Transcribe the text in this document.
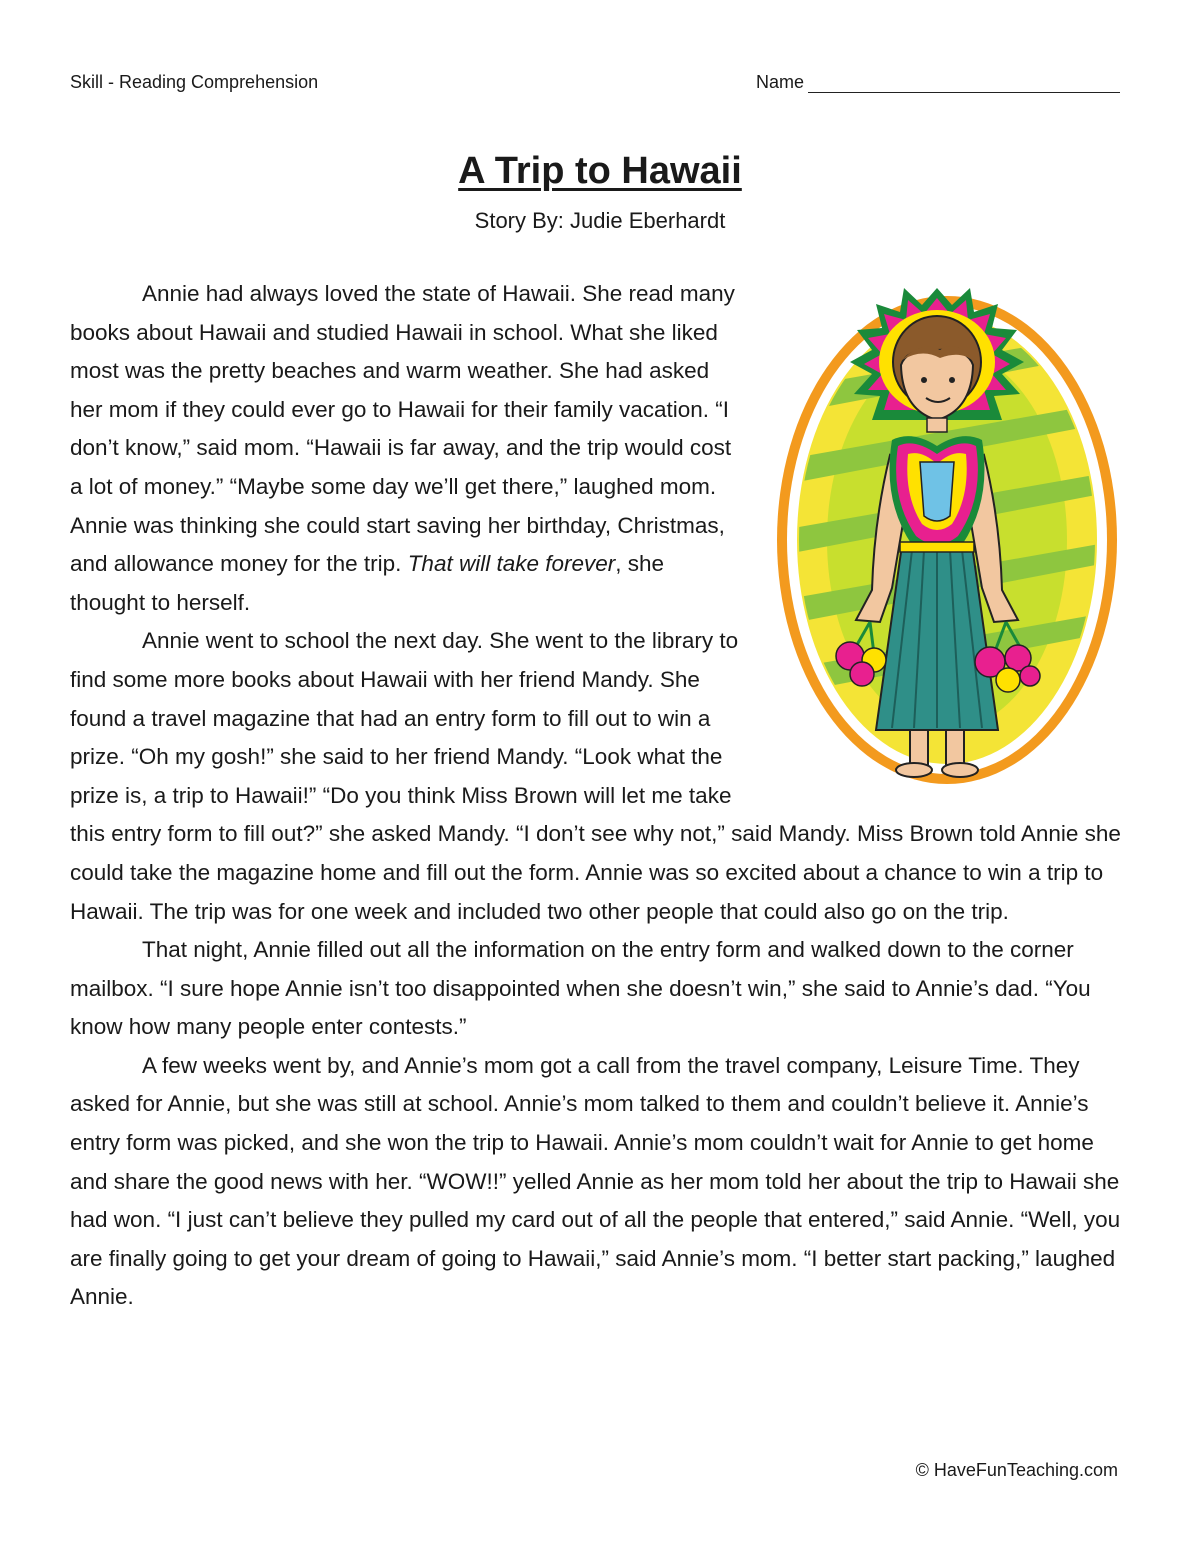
Skill - Reading Comprehension	Name
A Trip to Hawaii
Story By: Judie Eberhardt

Annie had always loved the state of Hawaii. She read many books about Hawaii and studied Hawaii in school. What she liked most was the pretty beaches and warm weather. She had asked her mom if they could ever go to Hawaii for their family vacation. “I don’t know,” said mom. “Hawaii is far away, and the trip would cost a lot of money.” “Maybe some day we’ll get there,” laughed mom. Annie was thinking she could start saving her birthday, Christmas, and allowance money for the trip. That will take forever, she thought to herself.

Annie went to school the next day. She went to the library to find some more books about Hawaii with her friend Mandy. She found a travel magazine that had an entry form to fill out to win a prize. “Oh my gosh!” she said to her friend Mandy. “Look what the prize is, a trip to Hawaii!” “Do you think Miss Brown will let me take this entry form to fill out?” she asked Mandy. “I don’t see why not,” said Mandy. Miss Brown told Annie she could take the magazine home and fill out the form. Annie was so excited about a chance to win a trip to Hawaii. The trip was for one week and included two other people that could also go on the trip.

That night, Annie filled out all the information on the entry form and walked down to the corner mailbox. “I sure hope Annie isn’t too disappointed when she doesn’t win,” she said to Annie’s dad. “You know how many people enter contests.”

A few weeks went by, and Annie’s mom got a call from the travel company, Leisure Time. They asked for Annie, but she was still at school. Annie’s mom talked to them and couldn’t believe it. Annie’s entry form was picked, and she won the trip to Hawaii. Annie’s mom couldn’t wait for Annie to get home and share the good news with her. “WOW!!” yelled Annie as her mom told her about the trip to Hawaii she had won. “I just can’t believe they pulled my card out of all the people that entered,” said Annie. “Well, you are finally going to get your dream of going to Hawaii,” said Annie’s mom. “I better start packing,” laughed Annie.

© HaveFunTeaching.com
